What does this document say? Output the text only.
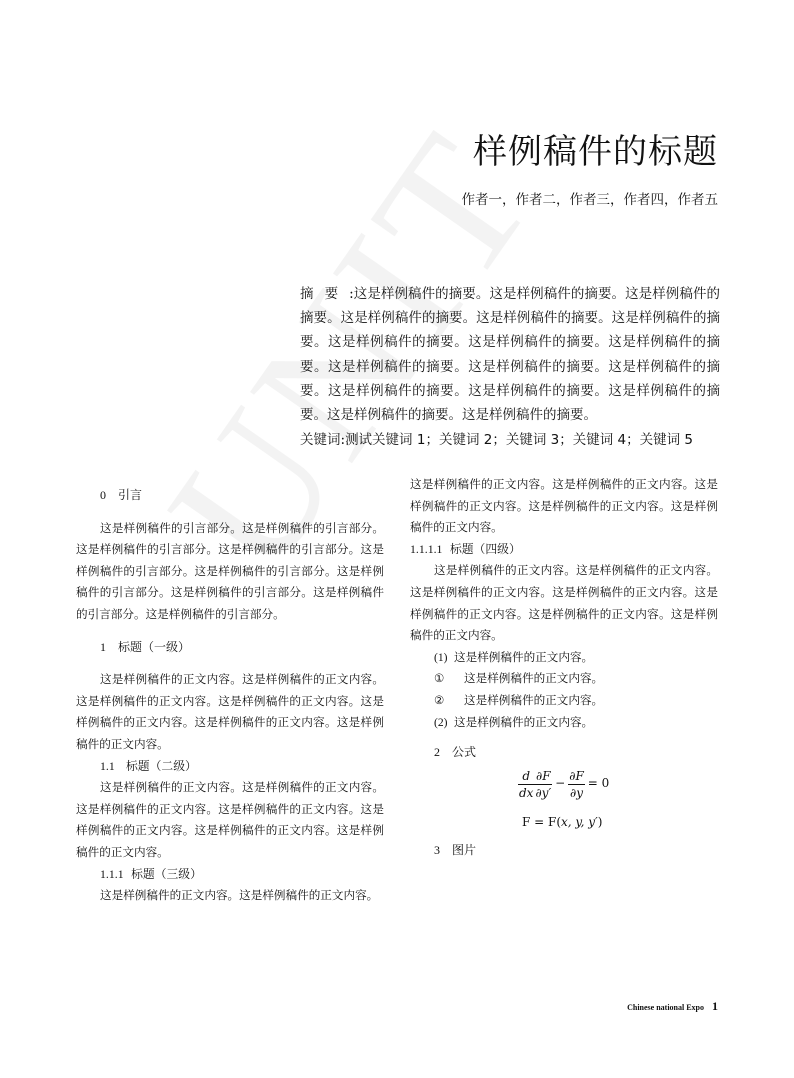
样例稿件的标题
作者一，作者二，作者三，作者四，作者五
摘要:这是样例稿件的摘要。这是样例稿件的摘要。这是样例稿件的摘要。这是样例稿件的摘要。这是样例稿件的摘要。这是样例稿件的摘要。这是样例稿件的摘要。这是样例稿件的摘要。这是样例稿件的摘要。这是样例稿件的摘要。这是样例稿件的摘要。这是样例稿件的摘要。这是样例稿件的摘要。这是样例稿件的摘要。这是样例稿件的摘要。这是样例稿件的摘要。这是样例稿件的摘要。
关键词:测试关键词 1；关键词 2；关键词 3；关键词 4；关键词 5
0 引言

这是样例稿件的引言部分。这是样例稿件的引言部分。这是样例稿件的引言部分。这是样例稿件的引言部分。这是样例稿件的引言部分。这是样例稿件的引言部分。这是样例稿件的引言部分。这是样例稿件的引言部分。这是样例稿件的引言部分。这是样例稿件的引言部分。

1 标题（一级）

这是样例稿件的正文内容。这是样例稿件的正文内容。这是样例稿件的正文内容。这是样例稿件的正文内容。这是样例稿件的正文内容。这是样例稿件的正文内容。这是样例稿件的正文内容。

1.1 标题（二级）

这是样例稿件的正文内容。这是样例稿件的正文内容。这是样例稿件的正文内容。这是样例稿件的正文内容。这是样例稿件的正文内容。这是样例稿件的正文内容。这是样例稿件的正文内容。

1.1.1 标题（三级）

这是样例稿件的正文内容。这是样例稿件的正文内容。

这是样例稿件的正文内容。这是样例稿件的正文内容。这是样例稿件的正文内容。这是样例稿件的正文内容。这是样例稿件的正文内容。

1.1.1.1 标题（四级）

这是样例稿件的正文内容。这是样例稿件的正文内容。这是样例稿件的正文内容。这是样例稿件的正文内容。这是样例稿件的正文内容。这是样例稿件的正文内容。这是样例稿件的正文内容。

(1) 这是样例稿件的正文内容。
① 这是样例稿件的正文内容。
② 这是样例稿件的正文内容。
(2) 这是样例稿件的正文内容。
2 公式
$\frac{d}{dx} \frac{\partial F}{\partial y'} - \frac{\partial F}{\partial y} = 0$
F = F(x, y, y′)
3 图片
Chinese national Expo 1
